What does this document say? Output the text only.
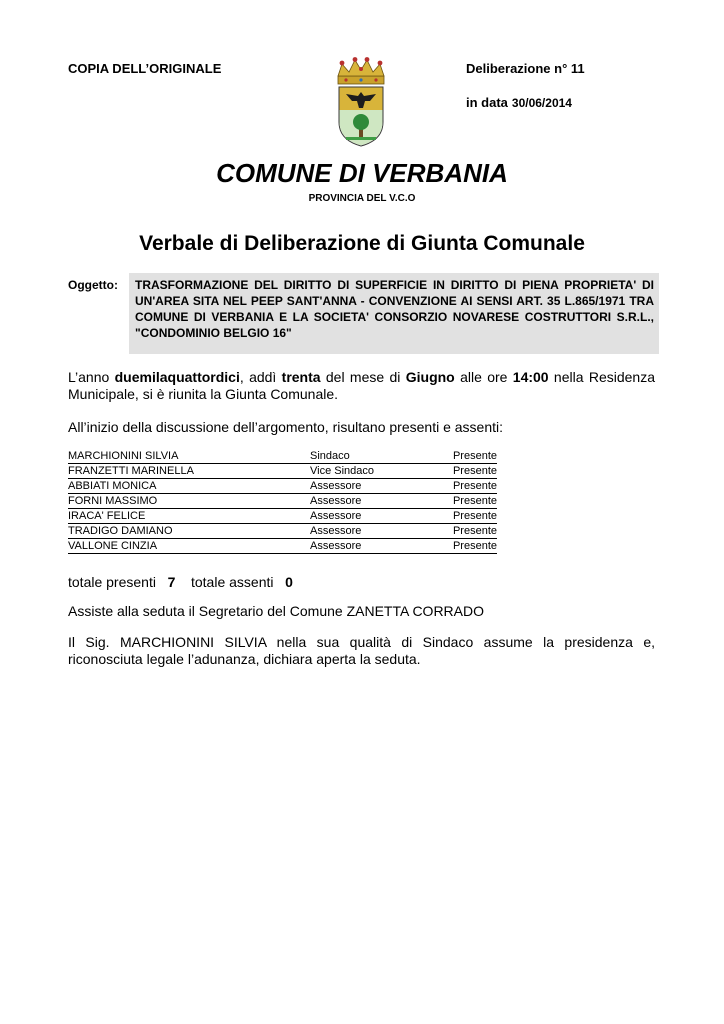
COPIA DELL’ORIGINALE	Deliberazione n° 11
in data 30/06/2014
COMUNE DI VERBANIA
PROVINCIA DEL V.C.O
Verbale di Deliberazione di Giunta Comunale
Oggetto:	TRASFORMAZIONE DEL DIRITTO DI SUPERFICIE IN DIRITTO DI PIENA PROPRIETA' DI UN'AREA SITA NEL PEEP SANT'ANNA - CONVENZIONE AI SENSI ART. 35 L.865/1971 TRA COMUNE DI VERBANIA E LA SOCIETA' CONSORZIO NOVARESE COSTRUTTORI S.R.L., "CONDOMINIO BELGIO 16"
L’anno duemilaquattordici, addì trenta del mese di Giugno alle ore 14:00 nella Residenza Municipale, si è riunita la Giunta Comunale.
All’inizio della discussione dell’argomento, risultano presenti e assenti:
MARCHIONINI SILVIA	Sindaco	Presente
FRANZETTI MARINELLA	Vice Sindaco	Presente
ABBIATI MONICA	Assessore	Presente
FORNI MASSIMO	Assessore	Presente
IRACA' FELICE	Assessore	Presente
TRADIGO DAMIANO	Assessore	Presente
VALLONE CINZIA	Assessore	Presente
totale presenti 7 totale assenti 0
Assiste alla seduta il Segretario del Comune ZANETTA CORRADO
Il Sig. MARCHIONINI SILVIA nella sua qualità di Sindaco assume la presidenza e, riconosciuta legale l’adunanza, dichiara aperta la seduta.
